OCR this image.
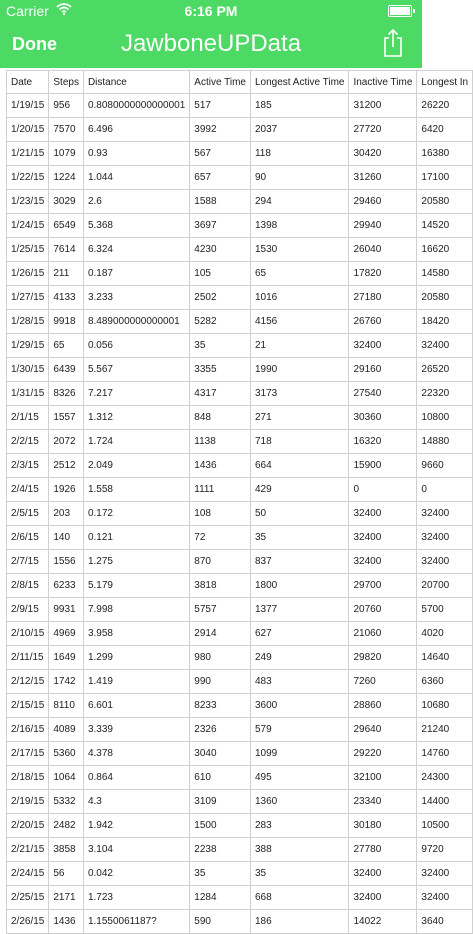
Carrier	6:16 PM
Done	JawboneUPData
Date	Steps	Distance	Active Time	Longest Active Time	Inactive Time	Longest In
1/19/15	956	0.8080000000000001	517	185	31200	26220
1/20/15	7570	6.496	3992	2037	27720	6420
1/21/15	1079	0.93	567	118	30420	16380
1/22/15	1224	1.044	657	90	31260	17100
1/23/15	3029	2.6	1588	294	29460	20580
1/24/15	6549	5.368	3697	1398	29940	14520
1/25/15	7614	6.324	4230	1530	26040	16620
1/26/15	211	0.187	105	65	17820	14580
1/27/15	4133	3.233	2502	1016	27180	20580
1/28/15	9918	8.489000000000001	5282	4156	26760	18420
1/29/15	65	0.056	35	21	32400	32400
1/30/15	6439	5.567	3355	1990	29160	26520
1/31/15	8326	7.217	4317	3173	27540	22320
2/1/15	1557	1.312	848	271	30360	10800
2/2/15	2072	1.724	1138	718	16320	14880
2/3/15	2512	2.049	1436	664	15900	9660
2/4/15	1926	1.558	1111	429	0	0
2/5/15	203	0.172	108	50	32400	32400
2/6/15	140	0.121	72	35	32400	32400
2/7/15	1556	1.275	870	837	32400	32400
2/8/15	6233	5.179	3818	1800	29700	20700
2/9/15	9931	7.998	5757	1377	20760	5700
2/10/15	4969	3.958	2914	627	21060	4020
2/11/15	1649	1.299	980	249	29820	14640
2/12/15	1742	1.419	990	483	7260	6360
2/15/15	8110	6.601	8233	3600	28860	10680
2/16/15	4089	3.339	2326	579	29640	21240
2/17/15	5360	4.378	3040	1099	29220	14760
2/18/15	1064	0.864	610	495	32100	24300
2/19/15	5332	4.3	3109	1360	23340	14400
2/20/15	2482	1.942	1500	283	30180	10500
2/21/15	3858	3.104	2238	388	27780	9720
2/24/15	56	0.042	35	35	32400	32400
2/25/15	2171	1.723	1284	668	32400	32400
2/26/15	1436	1.1550061187?	590	186	14022	3640
